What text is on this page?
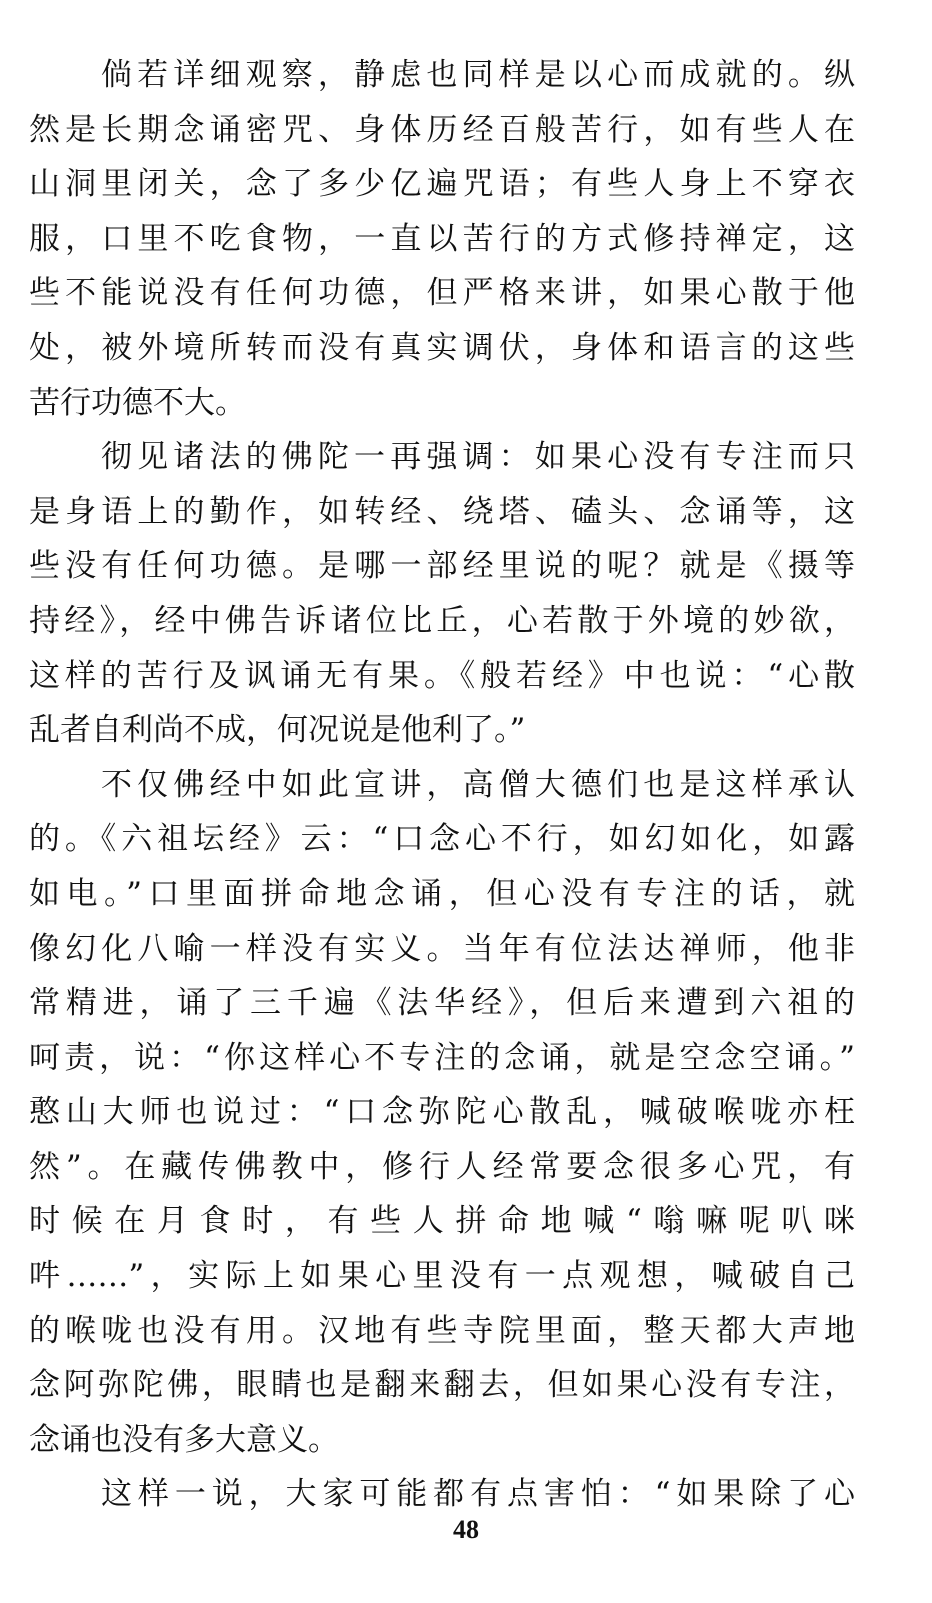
倘若详细观察，静虑也同样是以心而成就的。纵
然是长期念诵密咒、身体历经百般苦行，如有些人在
山洞里闭关，念了多少亿遍咒语；有些人身上不穿衣
服，口里不吃食物，一直以苦行的方式修持禅定，这
些不能说没有任何功德，但严格来讲，如果心散于他
处，被外境所转而没有真实调伏，身体和语言的这些
苦行功德不大。
彻见诸法的佛陀一再强调：如果心没有专注而只
是身语上的勤作，如转经、绕塔、磕头、念诵等，这
些没有任何功德。是哪一部经里说的呢？就是《摄等
持经》，经中佛告诉诸位比丘，心若散于外境的妙欲，
这样的苦行及讽诵无有果。《般若经》中也说：“心散
乱者自利尚不成，何况说是他利了。”
不仅佛经中如此宣讲，高僧大德们也是这样承认
的。《六祖坛经》云：“口念心不行，如幻如化，如露
如电。”口里面拼命地念诵，但心没有专注的话，就
像幻化八喻一样没有实义。当年有位法达禅师，他非
常精进，诵了三千遍《法华经》，但后来遭到六祖的
呵责，说：“你这样心不专注的念诵，就是空念空诵。”
憨山大师也说过：“口念弥陀心散乱，喊破喉咙亦枉
然”。在藏传佛教中，修行人经常要念很多心咒，有
时候在月食时，有些人拼命地喊“嗡嘛呢叭咪
吽……”，实际上如果心里没有一点观想，喊破自己
的喉咙也没有用。汉地有些寺院里面，整天都大声地
念阿弥陀佛，眼睛也是翻来翻去，但如果心没有专注，
念诵也没有多大意义。
这样一说，大家可能都有点害怕：“如果除了心
48
